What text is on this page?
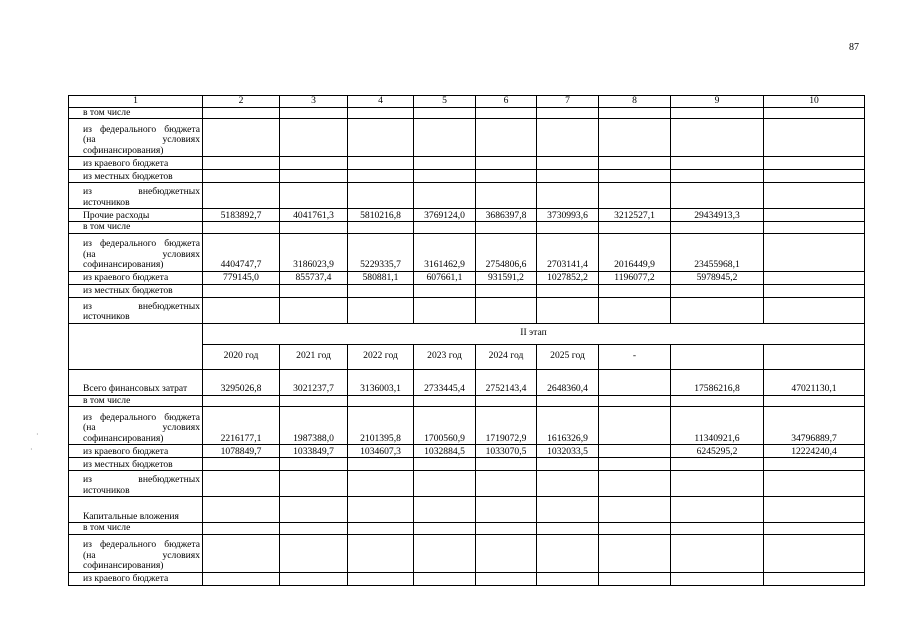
87
·
·
1	2	3	4	5	6	7	8	9	10
в том числе									
из федерального бюджета (на условиях софинансирования)									
из краевого бюджета									
из местных бюджетов									
из внебюджетных источников									
Прочие расходы	5183892,7	4041761,3	5810216,8	3769124,0	3686397,8	3730993,6	3212527,1	29434913,3	
в том числе									
из федерального бюджета (на условиях софинансирования)	4404747,7	3186023,9	5229335,7	3161462,9	2754806,6	2703141,4	2016449,9	23455968,1	
из краевого бюджета	779145,0	855737,4	580881,1	607661,1	931591,2	1027852,2	1196077,2	5978945,2	
из местных бюджетов									
из внебюджетных источников									
	II этап								
	2020 год	2021 год	2022 год	2023 год	2024 год	2025 год	-		
Всего финансовых затрат	3295026,8	3021237,7	3136003,1	2733445,4	2752143,4	2648360,4		17586216,8	47021130,1
в том числе									
из федерального бюджета (на условиях софинансирования)	2216177,1	1987388,0	2101395,8	1700560,9	1719072,9	1616326,9		11340921,6	34796889,7
из краевого бюджета	1078849,7	1033849,7	1034607,3	1032884,5	1033070,5	1032033,5		6245295,2	12224240,4
из местных бюджетов									
из внебюджетных источников									
Капитальные вложения									
в том числе									
из федерального бюджета (на условиях софинансирования)									
из краевого бюджета									
